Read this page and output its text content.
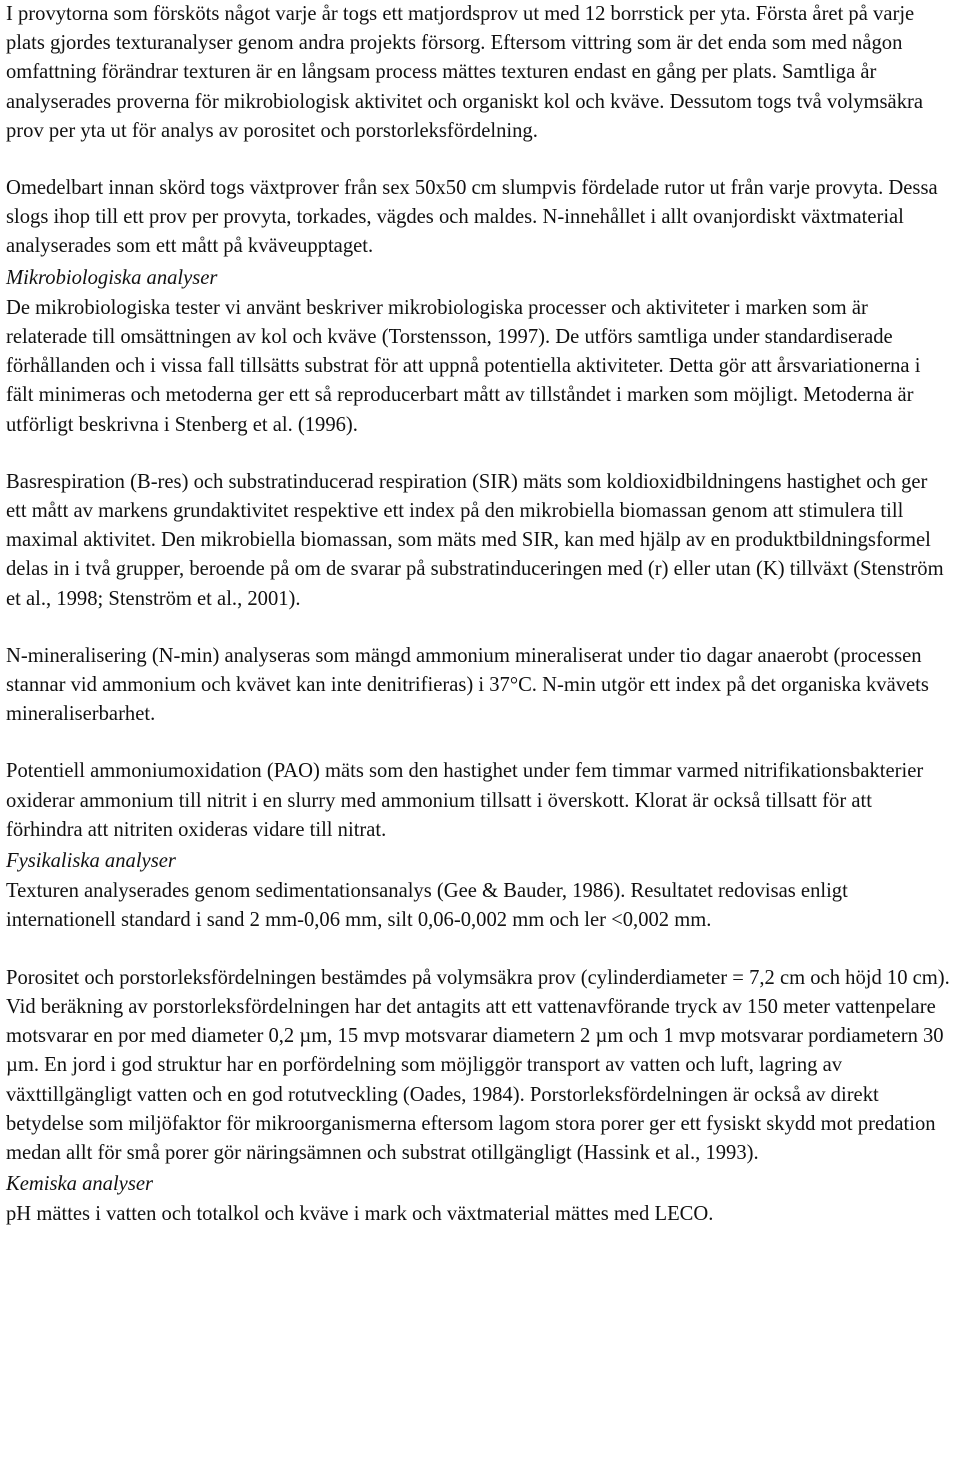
I provytorna som försköts något varje år togs ett matjordsprov ut med 12 borrstick per yta. Första året på varje plats gjordes texturanalyser genom andra projekts försorg. Eftersom vittring som är det enda som med någon omfattning förändrar texturen är en långsam process mättes texturen endast en gång per plats. Samtliga år analyserades proverna för mikrobiologisk aktivitet och organiskt kol och kväve. Dessutom togs två volymsäkra prov per yta ut för analys av porositet och porstorleksfördelning.

Omedelbart innan skörd togs växtprover från sex 50x50 cm slumpvis fördelade rutor ut från varje provyta. Dessa slogs ihop till ett prov per provyta, torkades, vägdes och maldes. N-innehållet i allt ovanjordiskt växtmaterial analyserades som ett mått på kväveupptaget.

Mikrobiologiska analyser

De mikrobiologiska tester vi använt beskriver mikrobiologiska processer och aktiviteter i marken som är relaterade till omsättningen av kol och kväve (Torstensson, 1997). De utförs samtliga under standardiserade förhållanden och i vissa fall tillsätts substrat för att uppnå potentiella aktiviteter. Detta gör att årsvariationerna i fält minimeras och metoderna ger ett så reproducerbart mått av tillståndet i marken som möjligt. Metoderna är utförligt beskrivna i Stenberg et al. (1996).

Basrespiration (B-res) och substratinducerad respiration (SIR) mäts som koldioxidbildningens hastighet och ger ett mått av markens grundaktivitet respektive ett index på den mikrobiella biomassan genom att stimulera till maximal aktivitet. Den mikrobiella biomassan, som mäts med SIR, kan med hjälp av en produktbildningsformel delas in i två grupper, beroende på om de svarar på substratinduceringen med (r) eller utan (K) tillväxt (Stenström et al., 1998; Stenström et al., 2001).

N-mineralisering (N-min) analyseras som mängd ammonium mineraliserat under tio dagar anaerobt (processen stannar vid ammonium och kvävet kan inte denitrifieras) i 37°C. N-min utgör ett index på det organiska kvävets mineraliserbarhet.

Potentiell ammoniumoxidation (PAO) mäts som den hastighet under fem timmar varmed nitrifikationsbakterier oxiderar ammonium till nitrit i en slurry med ammonium tillsatt i överskott. Klorat är också tillsatt för att förhindra att nitriten oxideras vidare till nitrat.

Fysikaliska analyser

Texturen analyserades genom sedimentationsanalys (Gee & Bauder, 1986). Resultatet redovisas enligt internationell standard i sand 2 mm-0,06 mm, silt 0,06-0,002 mm och ler <0,002 mm.

Porositet och porstorleksfördelningen bestämdes på volymsäkra prov (cylinderdiameter = 7,2 cm och höjd 10 cm). Vid beräkning av porstorleksfördelningen har det antagits att ett vattenavförande tryck av 150 meter vattenpelare motsvarar en por med diameter 0,2 µm, 15 mvp motsvarar diametern 2 µm och 1 mvp motsvarar pordiametern 30 µm. En jord i god struktur har en porfördelning som möjliggör transport av vatten och luft, lagring av växttillgängligt vatten och en god rotutveckling (Oades, 1984). Porstorleksfördelningen är också av direkt betydelse som miljöfaktor för mikroorganismerna eftersom lagom stora porer ger ett fysiskt skydd mot predation medan allt för små porer gör näringsämnen och substrat otillgängligt (Hassink et al., 1993).

Kemiska analyser

pH mättes i vatten och totalkol och kväve i mark och växtmaterial mättes med LECO.
